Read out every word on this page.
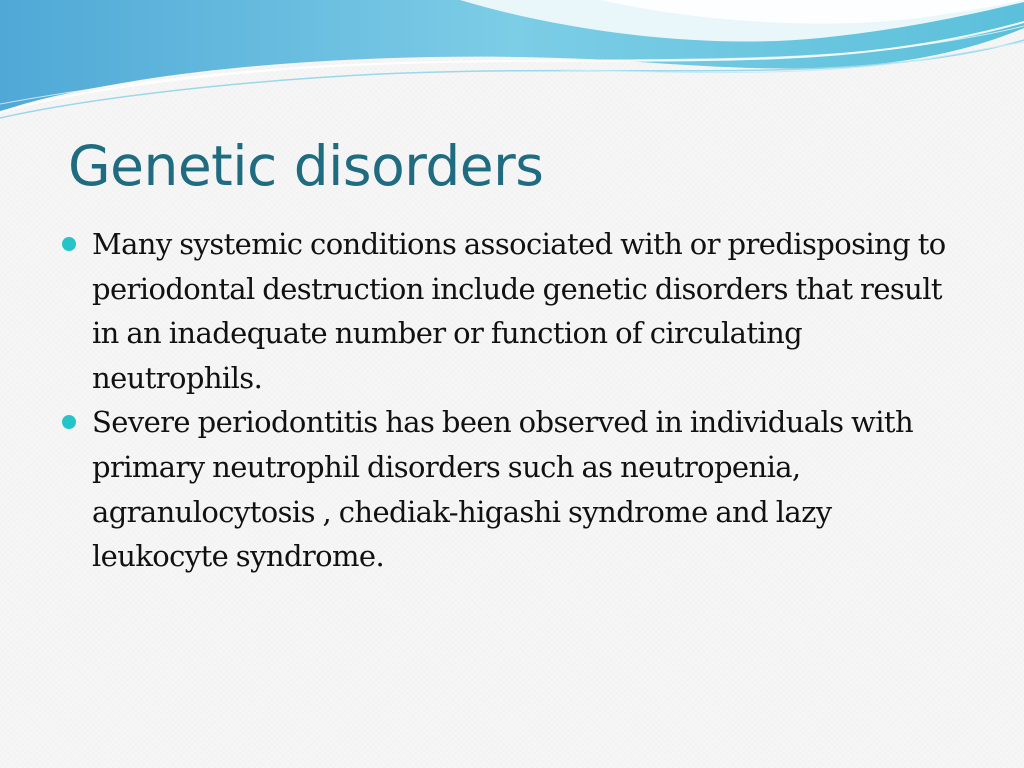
Genetic disorders
Many systemic conditions associated with or predisposing to periodontal destruction include genetic disorders that result in an inadequate number or function of circulating neutrophils.
Severe periodontitis has been observed in individuals with primary neutrophil disorders such as neutropenia, agranulocytosis , chediak-higashi syndrome and lazy leukocyte syndrome.
